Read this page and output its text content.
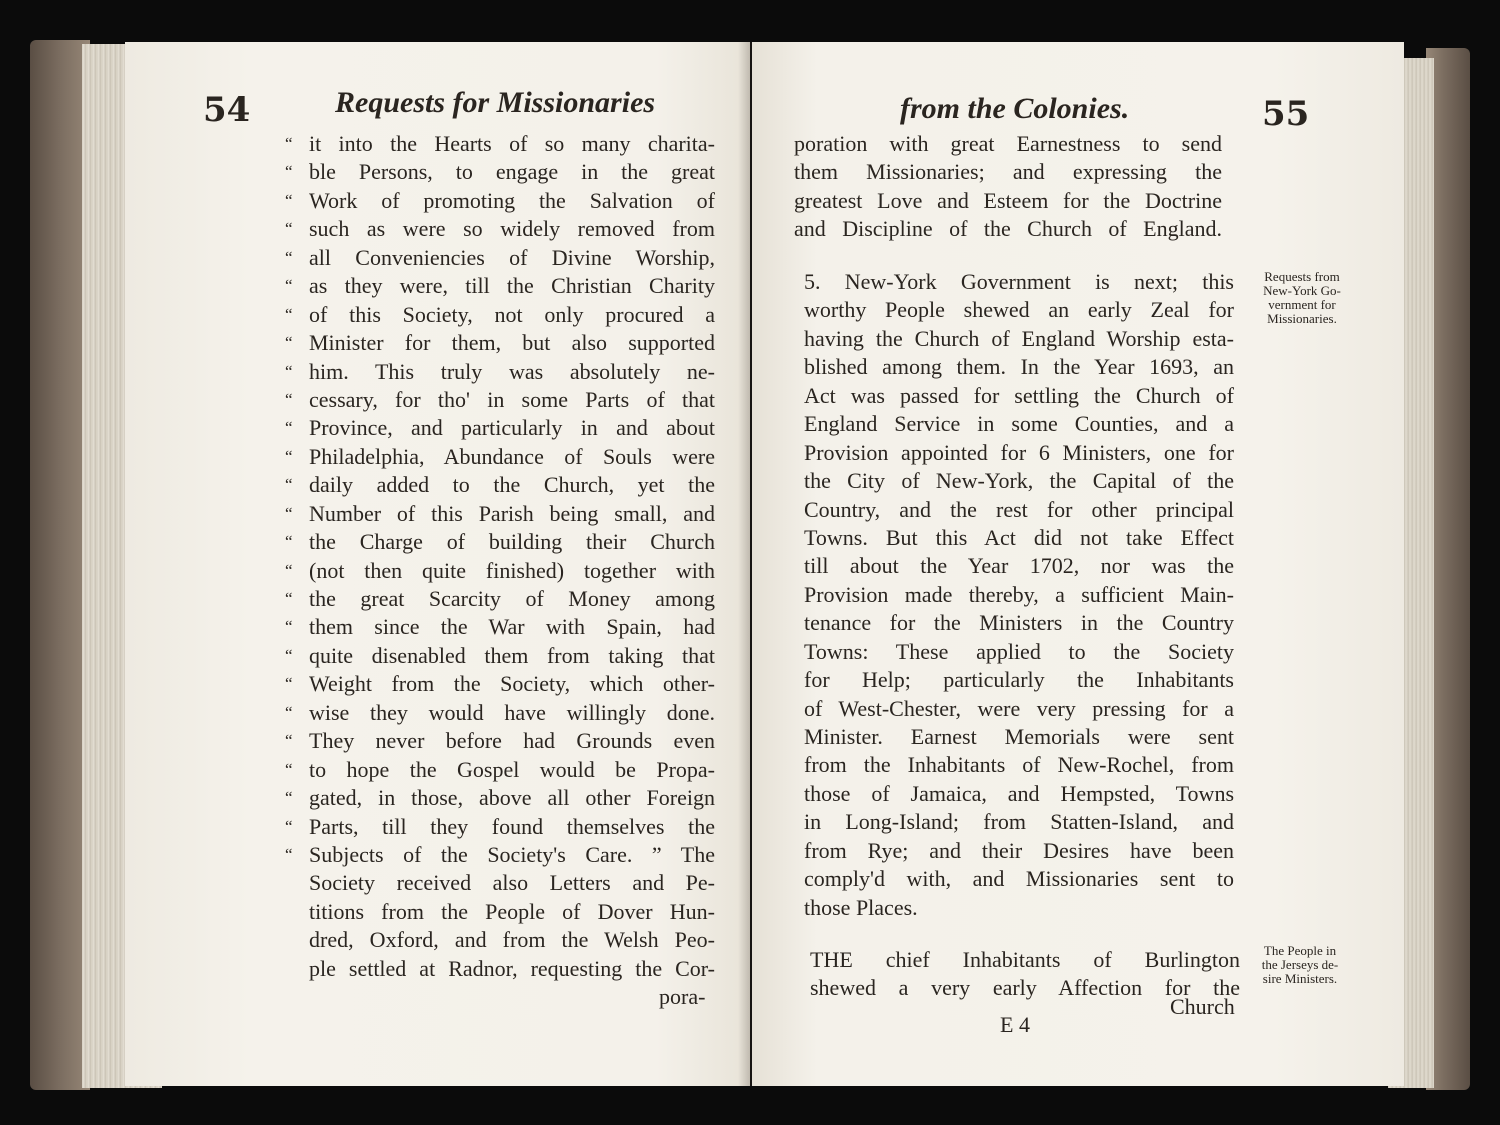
54	Requests for Missionaries
“ it into the Hearts of so many charita-
“ ble Persons, to engage in the great
“ Work of promoting the Salvation of
“ such as were so widely removed from
“ all Conveniencies of Divine Worship,
“ as they were, till the Christian Charity
“ of this Society, not only procured a
“ Minister for them, but also supported
“ him. This truly was absolutely ne-
“ cessary, for tho' in some Parts of that
“ Province, and particularly in and about
“ Philadelphia, Abundance of Souls were
“ daily added to the Church, yet the
“ Number of this Parish being small, and
“ the Charge of building their Church
“ (not then quite finished) together with
“ the great Scarcity of Money among
“ them since the War with Spain, had
“ quite disenabled them from taking that
“ Weight from the Society, which other-
“ wise they would have willingly done.
“ They never before had Grounds even
“ to hope the Gospel would be Propa-
“ gated, in those, above all other Foreign
“ Parts, till they found themselves the
“ Subjects of the Society's Care. ” The
Society received also Letters and Pe-
titions from the People of Dover Hun-
dred, Oxford, and from the Welsh Peo-
ple settled at Radnor, requesting the Cor-
pora-
from the Colonies.	55
poration with great Earnestness to send
them Missionaries; and expressing the
greatest Love and Esteem for the Doctrine
and Discipline of the Church of England.
5. New-York Government is next; this
worthy People shewed an early Zeal for
having the Church of England Worship esta-
blished among them. In the Year 1693, an
Act was passed for settling the Church of
England Service in some Counties, and a
Provision appointed for 6 Ministers, one for
the City of New-York, the Capital of the
Country, and the rest for other principal
Towns. But this Act did not take Effect
till about the Year 1702, nor was the
Provision made thereby, a sufficient Main-
tenance for the Ministers in the Country
Towns: These applied to the Society
for Help; particularly the Inhabitants
of West-Chester, were very pressing for a
Minister. Earnest Memorials were sent
from the Inhabitants of New-Rochel, from
those of Jamaica, and Hempsted, Towns
in Long-Island; from Statten-Island, and
from Rye; and their Desires have been
comply'd with, and Missionaries sent to
those Places.
THE chief Inhabitants of Burlington
shewed a very early Affection for the
E 4
Church
Requests from
New-York Go-
vernment for
Missionaries.
The People in
the Jerseys de-
sire Ministers.
